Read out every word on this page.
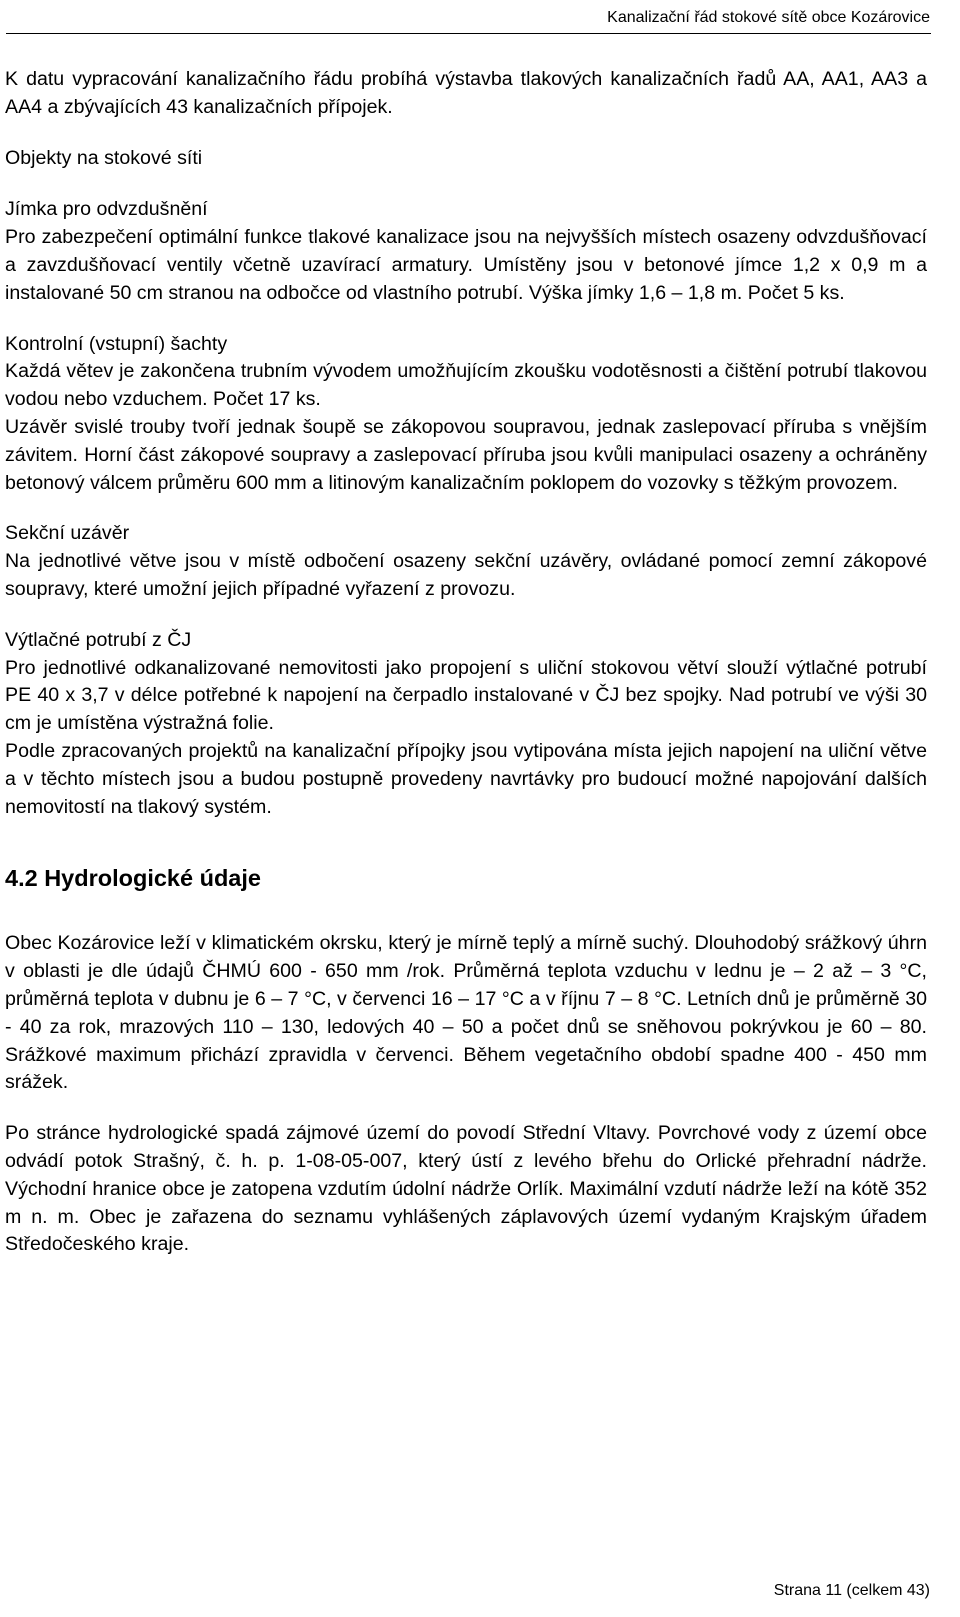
Kanalizační řád stokové sítě obce Kozárovice

K datu vypracování kanalizačního řádu probíhá výstavba tlakových kanalizačních řadů AA, AA1, AA3 a AA4 a zbývajících 43 kanalizačních přípojek.

Objekty na stokové síti

Jímka pro odvzdušnění

Pro zabezpečení optimální funkce tlakové kanalizace jsou na nejvyšších místech osazeny odvzdušňovací a zavzdušňovací ventily včetně uzavírací armatury. Umístěny jsou v betonové jímce 1,2 x 0,9 m a instalované 50 cm stranou na odbočce od vlastního potrubí. Výška jímky 1,6 – 1,8 m. Počet 5 ks.

Kontrolní (vstupní) šachty

Každá větev je zakončena trubním vývodem umožňujícím zkoušku vodotěsnosti a čištění potrubí tlakovou vodou nebo vzduchem. Počet 17 ks.

Uzávěr svislé trouby tvoří jednak šoupě se zákopovou soupravou, jednak zaslepovací příruba s vnějším závitem. Horní část zákopové soupravy a zaslepovací příruba jsou kvůli manipulaci osazeny a ochráněny betonový válcem průměru 600 mm a litinovým kanalizačním poklopem do vozovky s těžkým provozem.

Sekční uzávěr

Na jednotlivé větve jsou v místě odbočení osazeny sekční uzávěry, ovládané pomocí zemní zákopové soupravy, které umožní jejich případné vyřazení z provozu.

Výtlačné potrubí z ČJ

Pro jednotlivé odkanalizované nemovitosti jako propojení s uliční stokovou větví slouží výtlačné potrubí PE 40 x 3,7 v délce potřebné k napojení na čerpadlo instalované v ČJ bez spojky. Nad potrubí ve výši 30 cm je umístěna výstražná folie.

Podle zpracovaných projektů na kanalizační přípojky jsou vytipována místa jejich napojení na uliční větve a v těchto místech jsou a budou postupně provedeny navrtávky pro budoucí možné napojování dalších nemovitostí na tlakový systém.

4.2 Hydrologické údaje

Obec Kozárovice leží v klimatickém okrsku, který je mírně teplý a mírně suchý. Dlouhodobý srážkový úhrn v oblasti je dle údajů ČHMÚ 600 - 650 mm /rok. Průměrná teplota vzduchu v lednu je – 2 až – 3 °C, průměrná teplota v dubnu je 6 – 7 °C, v červenci 16 – 17 °C a v říjnu 7 – 8 °C. Letních dnů je průměrně 30 - 40 za rok, mrazových 110 – 130, ledových 40 – 50 a počet dnů se sněhovou pokrývkou je 60 – 80. Srážkové maximum přichází zpravidla v červenci. Během vegetačního období spadne 400 - 450 mm srážek.

Po stránce hydrologické spadá zájmové území do povodí Střední Vltavy. Povrchové vody z území obce odvádí potok Strašný, č. h. p. 1-08-05-007, který ústí z levého břehu do Orlické přehradní nádrže. Východní hranice obce je zatopena vzdutím údolní nádrže Orlík. Maximální vzdutí nádrže leží na kótě 352 m n. m. Obec je zařazena do seznamu vyhlášených záplavových území vydaným Krajským úřadem Středočeského kraje.

Strana 11 (celkem 43)
